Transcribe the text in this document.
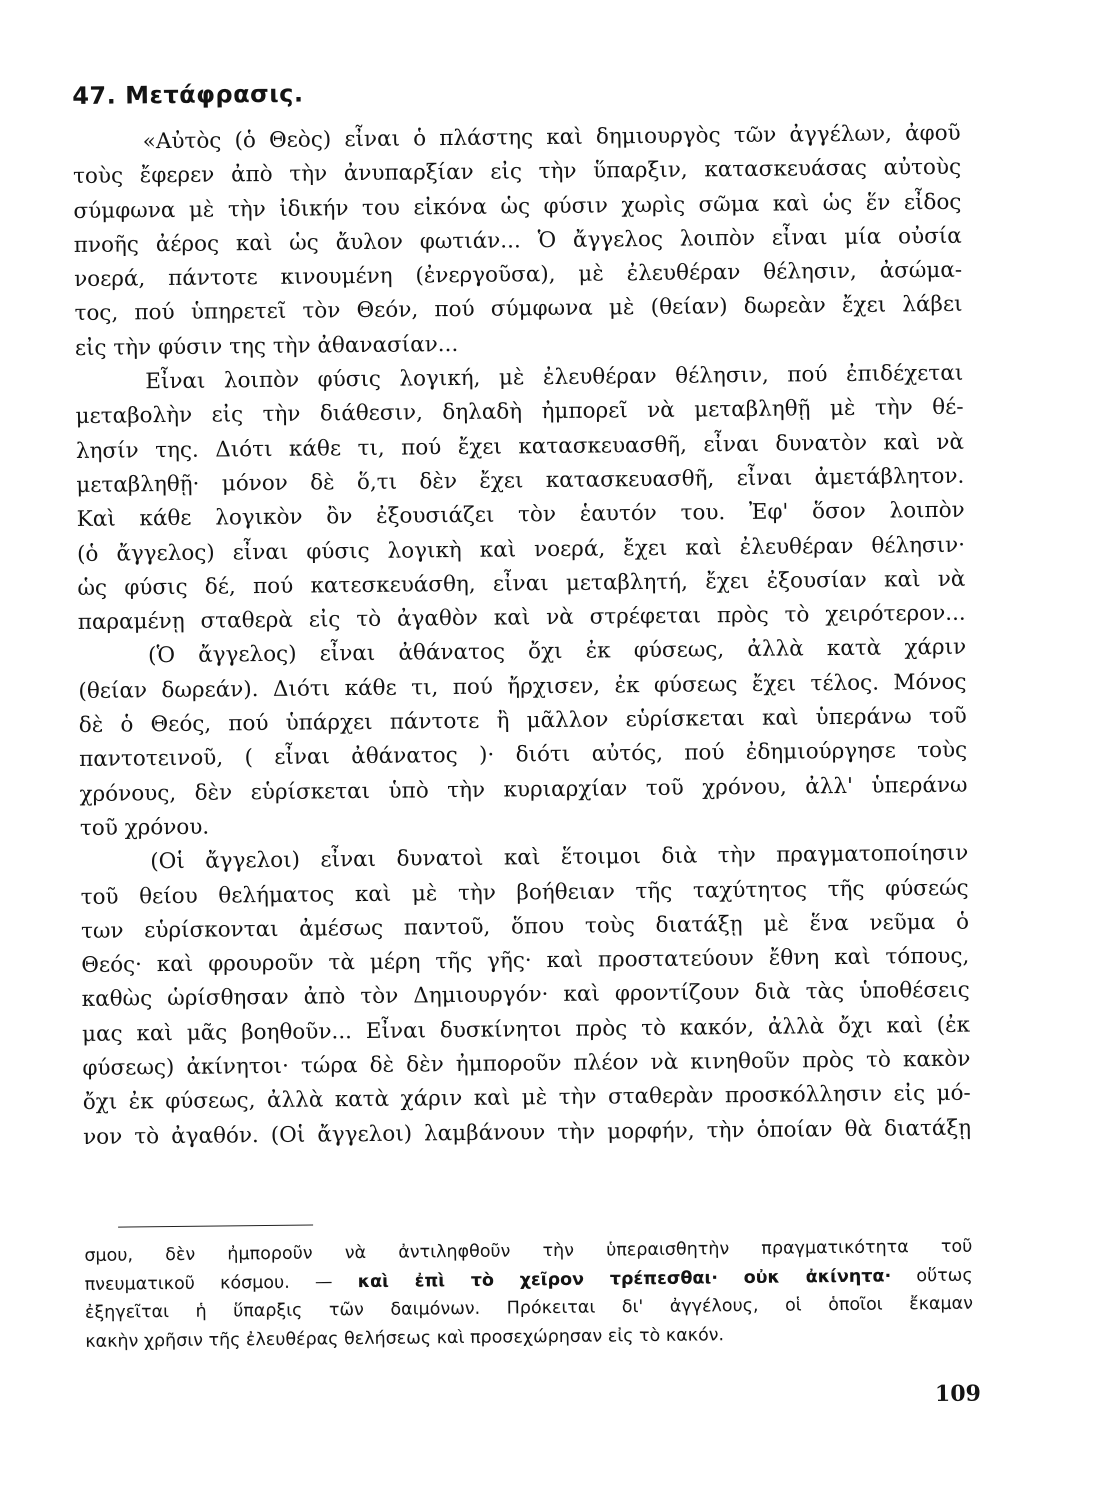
47. Μετάφρασις.
«Αὐτὸς (ὁ Θεὸς) εἶναι ὁ πλάστης καὶ δημιουργὸς τῶν ἀγγέλων, ἀφοῦ
τοὺς ἔφερεν ἀπὸ τὴν ἀνυπαρξίαν εἰς τὴν ὕπαρξιν, κατασκευάσας αὐτοὺς
σύμφωνα μὲ τὴν ἰδικήν του εἰκόνα ὡς φύσιν χωρὶς σῶμα καὶ ὡς ἕν εἶδος
πνοῆς ἀέρος καὶ ὡς ἄυλον φωτιάν... Ὁ ἄγγελος λοιπὸν εἶναι μία οὐσία
νοερά, πάντοτε κινουμένη (ἐνεργοῦσα), μὲ ἐλευθέραν θέλησιν, ἀσώμα-
τος, πού ὑπηρετεῖ τὸν Θεόν, πού σύμφωνα μὲ (θείαν) δωρεὰν ἔχει λάβει
εἰς τὴν φύσιν της τὴν ἀθανασίαν...
Εἶναι λοιπὸν φύσις λογική, μὲ ἐλευθέραν θέλησιν, πού ἐπιδέχεται
μεταβολὴν εἰς τὴν διάθεσιν, δηλαδὴ ἠμπορεῖ νὰ μεταβληθῇ μὲ τὴν θέ-
λησίν της. Διότι κάθε τι, πού ἔχει κατασκευασθῆ, εἶναι δυνατὸν καὶ νὰ
μεταβληθῇ· μόνον δὲ ὅ,τι δὲν ἔχει κατασκευασθῆ, εἶναι ἀμετάβλητον.
Καὶ κάθε λογικὸν ὂν ἐξουσιάζει τὸν ἑαυτόν του. Ἐφ' ὅσον λοιπὸν
(ὁ ἄγγελος) εἶναι φύσις λογικὴ καὶ νοερά, ἔχει καὶ ἐλευθέραν θέλησιν·
ὡς φύσις δέ, πού κατεσκευάσθη, εἶναι μεταβλητή, ἔχει ἐξουσίαν καὶ νὰ
παραμένῃ σταθερὰ εἰς τὸ ἀγαθὸν καὶ νὰ στρέφεται πρὸς τὸ χειρότερον...
(Ὁ ἄγγελος) εἶναι ἀθάνατος ὄχι ἐκ φύσεως, ἀλλὰ κατὰ χάριν
(θείαν δωρεάν). Διότι κάθε τι, πού ἤρχισεν, ἐκ φύσεως ἔχει τέλος. Μόνος
δὲ ὁ Θεός, πού ὑπάρχει πάντοτε ἢ μᾶλλον εὑρίσκεται καὶ ὑπεράνω τοῦ
παντοτεινοῦ, ( εἶναι ἀθάνατος )· διότι αὐτός, πού ἐδημιούργησε τοὺς
χρόνους, δὲν εὑρίσκεται ὑπὸ τὴν κυριαρχίαν τοῦ χρόνου, ἀλλ' ὑπεράνω
τοῦ χρόνου.
(Οἱ ἄγγελοι) εἶναι δυνατοὶ καὶ ἕτοιμοι διὰ τὴν πραγματοποίησιν
τοῦ θείου θελήματος καὶ μὲ τὴν βοήθειαν τῆς ταχύτητος τῆς φύσεώς
των εὑρίσκονται ἀμέσως παντοῦ, ὅπου τοὺς διατάξῃ μὲ ἕνα νεῦμα ὁ
Θεός· καὶ φρουροῦν τὰ μέρη τῆς γῆς· καὶ προστατεύουν ἔθνη καὶ τόπους,
καθὼς ὡρίσθησαν ἀπὸ τὸν Δημιουργόν· καὶ φροντίζουν διὰ τὰς ὑποθέσεις
μας καὶ μᾶς βοηθοῦν... Εἶναι δυσκίνητοι πρὸς τὸ κακόν, ἀλλὰ ὄχι καὶ (ἐκ
φύσεως) ἀκίνητοι· τώρα δὲ δὲν ἠμποροῦν πλέον νὰ κινηθοῦν πρὸς τὸ κακὸν
ὄχι ἐκ φύσεως, ἀλλὰ κατὰ χάριν καὶ μὲ τὴν σταθερὰν προσκόλλησιν εἰς μό-
νον τὸ ἀγαθόν. (Οἱ ἄγγελοι) λαμβάνουν τὴν μορφήν, τὴν ὁποίαν θὰ διατάξῃ
σμου, δὲν ἠμποροῦν νὰ ἀντιληφθοῦν τὴν ὑπεραισθητὴν πραγματικότητα τοῦ
πνευματικοῦ κόσμου. — καὶ ἐπὶ τὸ χεῖρον τρέπεσθαι· οὐκ ἀκίνητα· οὕτως
ἐξηγεῖται ἡ ὕπαρξις τῶν δαιμόνων. Πρόκειται δι' ἀγγέλους, οἱ ὁποῖοι ἔκαμαν
κακὴν χρῆσιν τῆς ἐλευθέρας θελήσεως καὶ προσεχώρησαν εἰς τὸ κακόν.
109
